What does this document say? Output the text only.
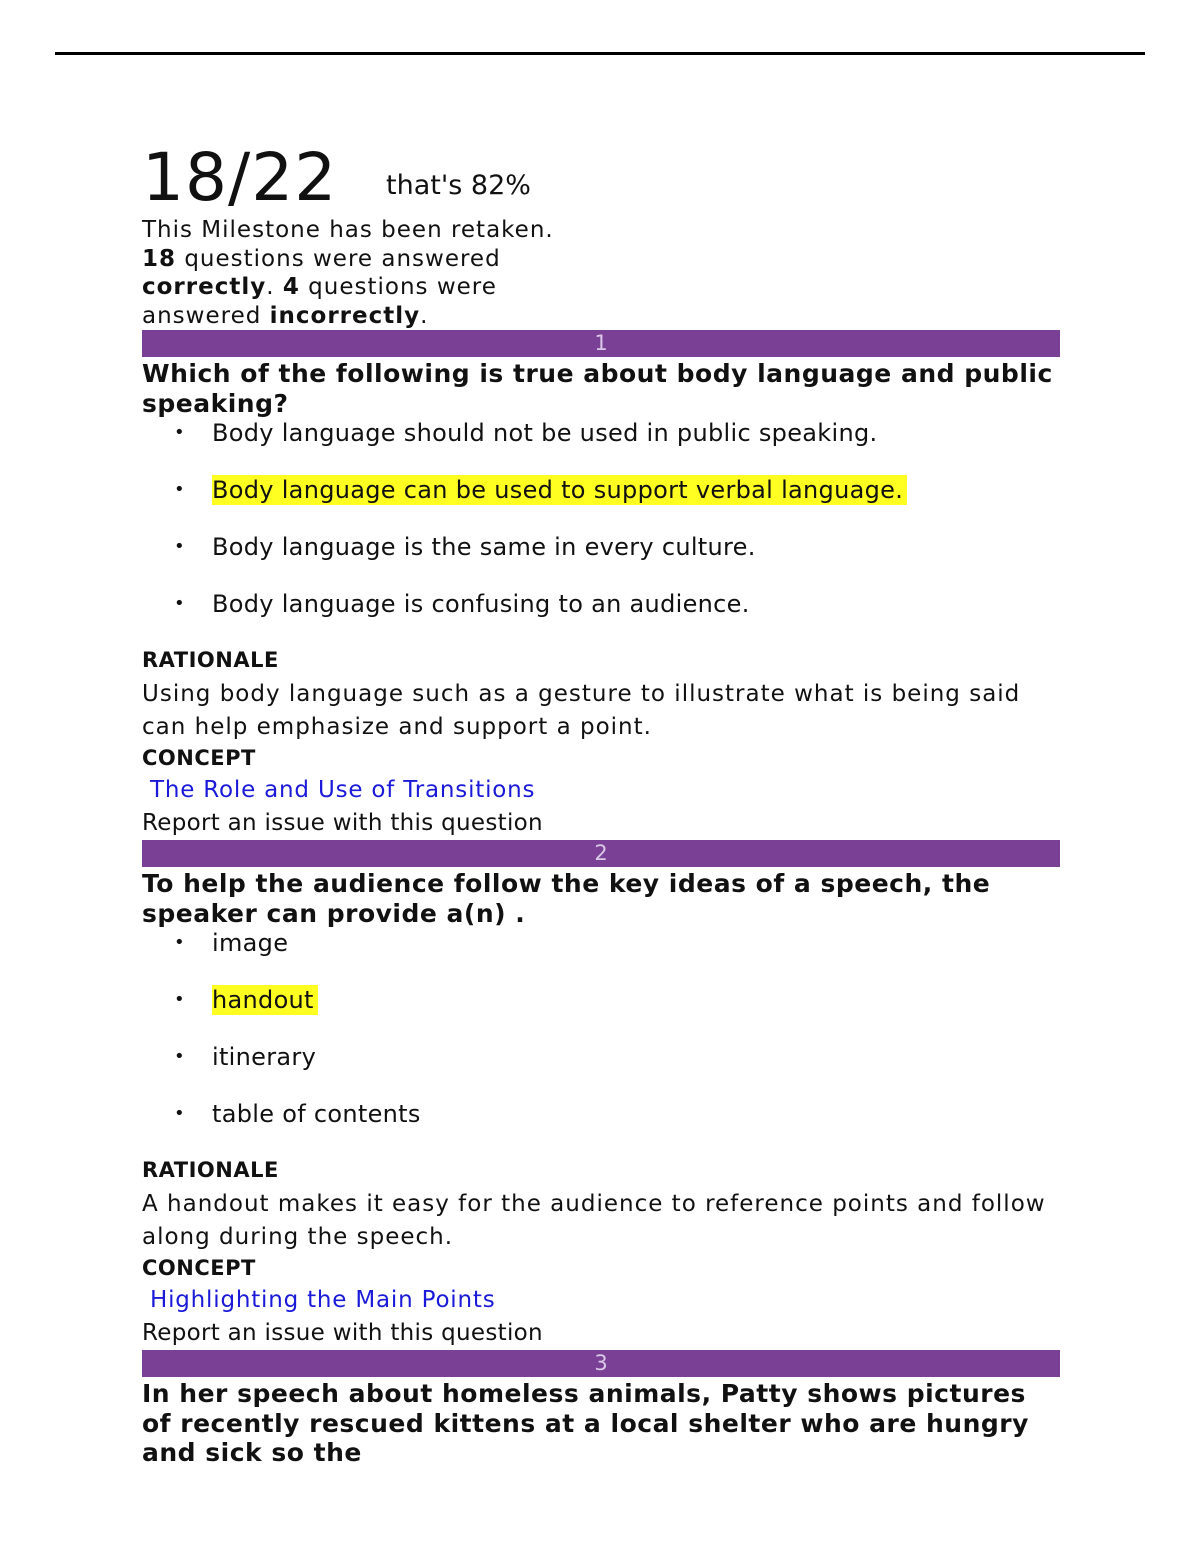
18/22 that's 82%
This Milestone has been retaken.
18 questions were answered correctly. 4 questions were answered incorrectly.
1
Which of the following is true about body language and public speaking?
• Body language should not be used in public speaking.
• Body language can be used to support verbal language.
• Body language is the same in every culture.
• Body language is confusing to an audience.
RATIONALE
Using body language such as a gesture to illustrate what is being said can help emphasize and support a point.
CONCEPT
The Role and Use of Transitions
Report an issue with this question
2
To help the audience follow the key ideas of a speech, the speaker can provide a(n) .
• image
• handout
• itinerary
• table of contents
RATIONALE
A handout makes it easy for the audience to reference points and follow along during the speech.
CONCEPT
Highlighting the Main Points
Report an issue with this question
3
In her speech about homeless animals, Patty shows pictures of recently rescued kittens at a local shelter who are hungry and sick so the
